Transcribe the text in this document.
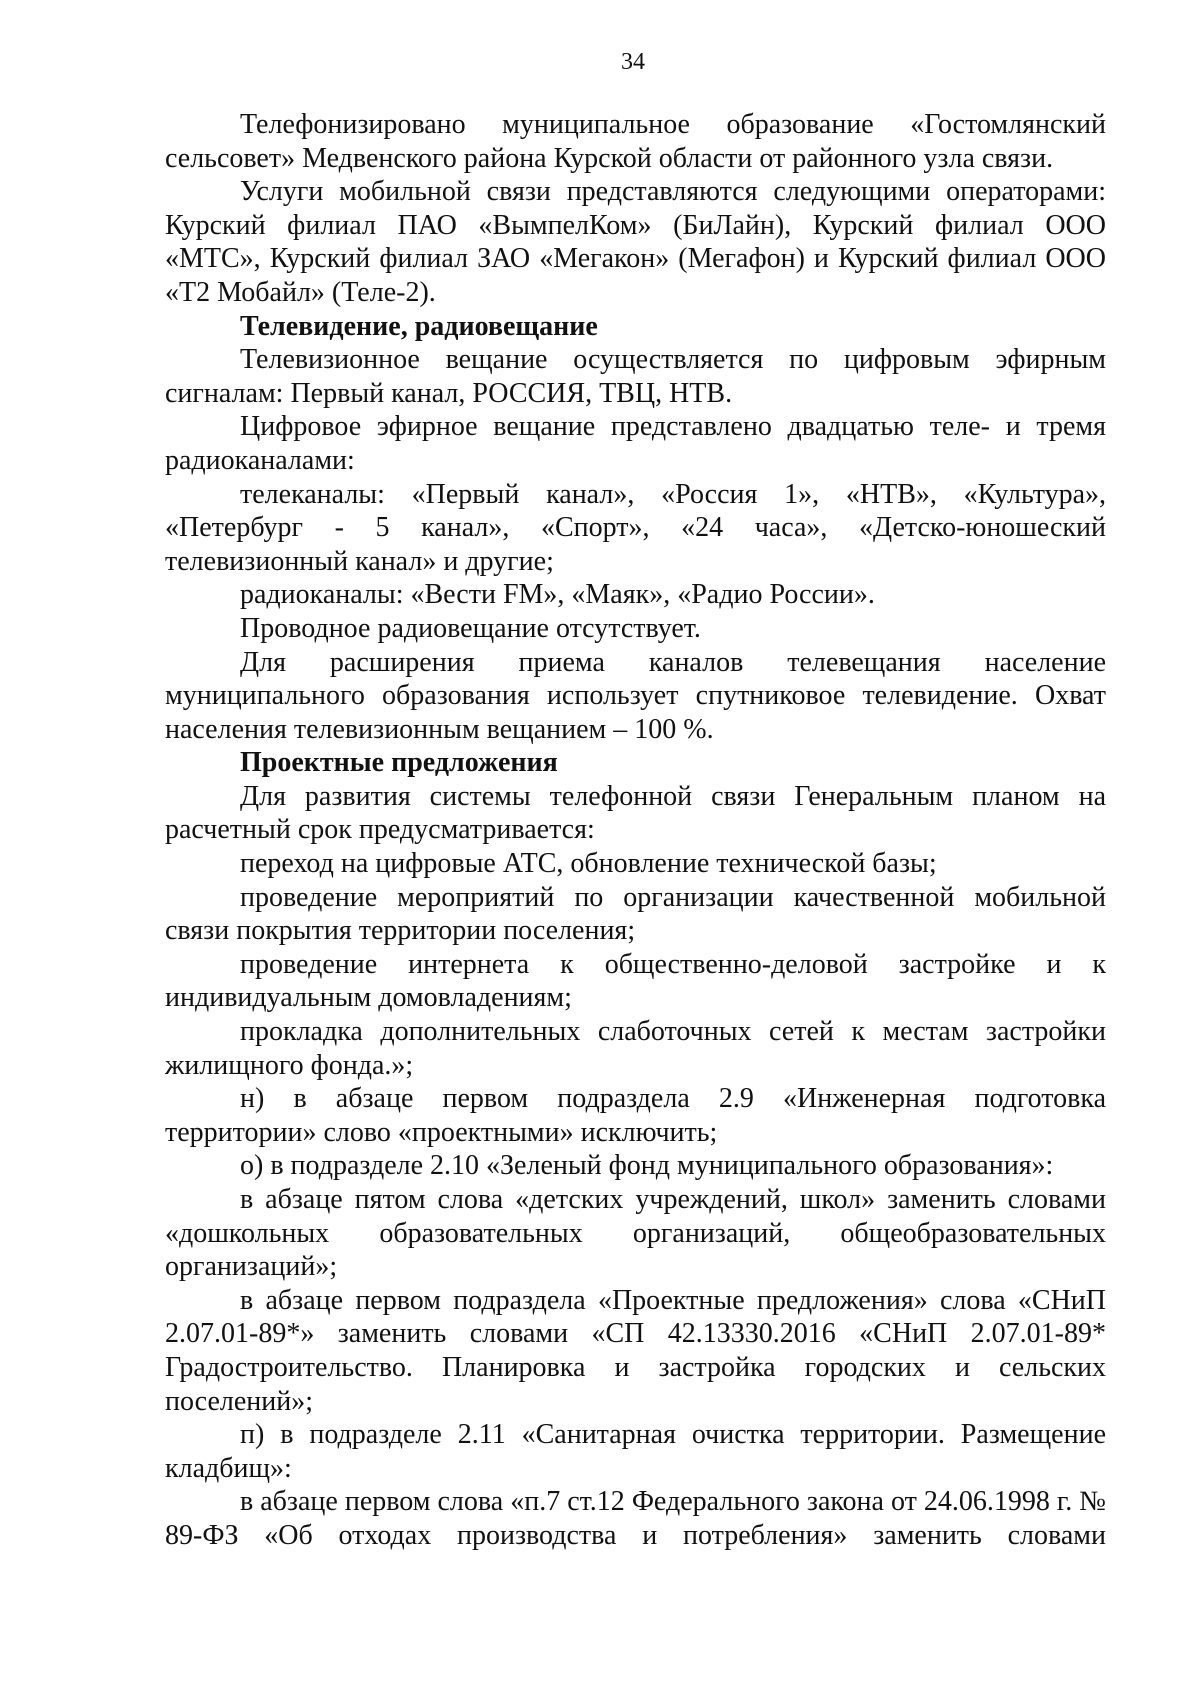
34

Телефонизировано муниципальное образование «Гостомлянский сельсовет» Медвенского района Курской области от районного узла связи.

Услуги мобильной связи представляются следующими операторами: Курский филиал ПАО «ВымпелКом» (БиЛайн), Курский филиал ООО «МТС», Курский филиал ЗАО «Мегакон» (Мегафон) и Курский филиал ООО «Т2 Мобайл» (Теле-2).

Телевидение, радиовещание

Телевизионное вещание осуществляется по цифровым эфирным сигналам: Первый канал, РОССИЯ, ТВЦ, НТВ.

Цифровое эфирное вещание представлено двадцатью теле- и тремя радиоканалами:

телеканалы: «Первый канал», «Россия 1», «НТВ», «Культура», «Петербург - 5 канал», «Спорт», «24 часа», «Детско-юношеский телевизионный канал» и другие;

радиоканалы: «Вести FM», «Маяк», «Радио России».

Проводное радиовещание отсутствует.

Для расширения приема каналов телевещания население муниципального образования использует спутниковое телевидение. Охват населения телевизионным вещанием – 100 %.

Проектные предложения

Для развития системы телефонной связи Генеральным планом на расчетный срок предусматривается:

переход на цифровые АТС, обновление технической базы;

проведение мероприятий по организации качественной мобильной связи покрытия территории поселения;

проведение интернета к общественно-деловой застройке и к индивидуальным домовладениям;

прокладка дополнительных слаботочных сетей к местам застройки жилищного фонда.»;

н) в абзаце первом подраздела 2.9 «Инженерная подготовка территории» слово «проектными» исключить;

о) в подразделе 2.10 «Зеленый фонд муниципального образования»:

в абзаце пятом слова «детских учреждений, школ» заменить словами «дошкольных образовательных организаций, общеобразовательных организаций»;

в абзаце первом подраздела «Проектные предложения» слова «СНиП 2.07.01-89*» заменить словами «СП 42.13330.2016 «СНиП 2.07.01-89* Градостроительство. Планировка и застройка городских и сельских поселений»;

п) в подразделе 2.11 «Санитарная очистка территории. Размещение кладбищ»:

в абзаце первом слова «п.7 ст.12 Федерального закона от 24.06.1998 г. № 89-ФЗ «Об отходах производства и потребления» заменить словами
